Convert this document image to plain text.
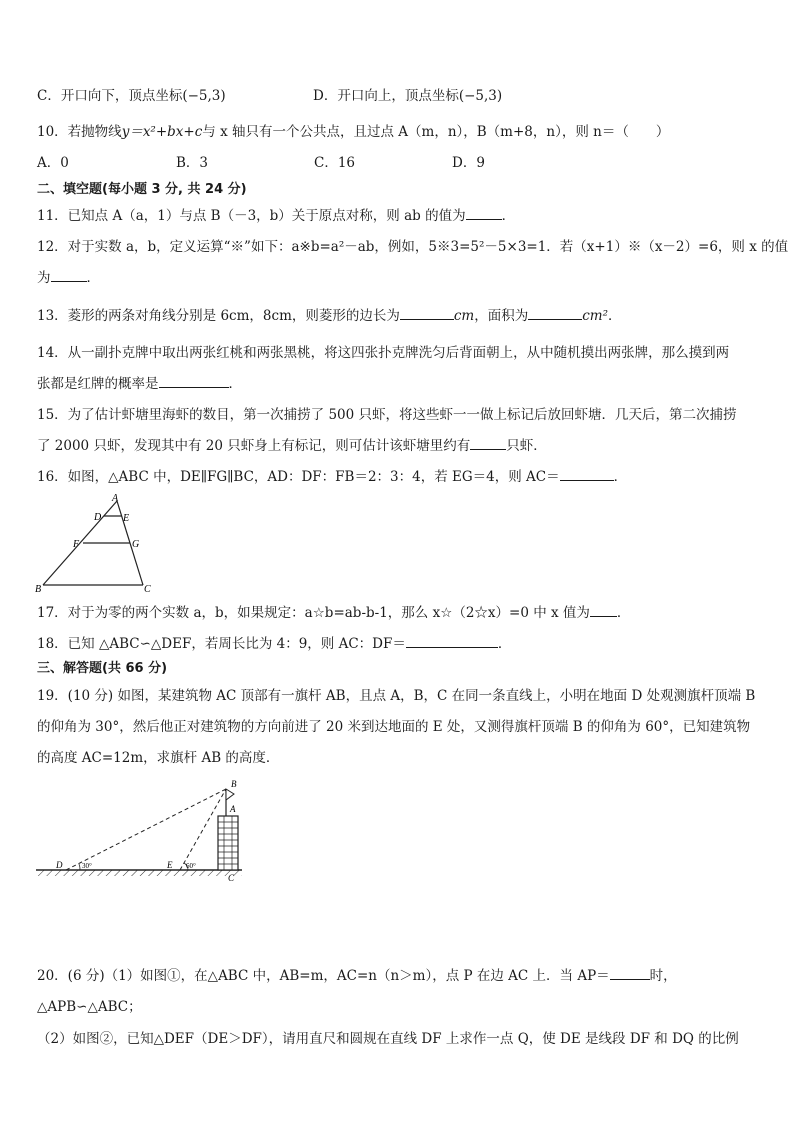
C．开口向下，顶点坐标(−5,3)	D．开口向上，顶点坐标(−5,3)
10．若抛物线y＝x²+bx+c与 x 轴只有一个公共点，且过点 A（m，n），B（m+8，n），则 n＝（　　）
A．0	B．3	C．16	D．9
二、填空题(每小题 3 分, 共 24 分)
11．已知点 A（a，1）与点 B（－3，b）关于原点对称，则 ab 的值为	．
12．对于实数 a，b，定义运算“※”如下：a※b=a²－ab，例如，5※3=5²－5×3=1．若（x+1）※（x－2）=6，则 x 的值
为	．
13．菱形的两条对角线分别是 6cm，8cm，则菱形的边长为	cm，面积为	cm²．
14．从一副扑克牌中取出两张红桃和两张黑桃，将这四张扑克牌洗匀后背面朝上，从中随机摸出两张牌，那么摸到两
张都是红牌的概率是	．
15．为了估计虾塘里海虾的数目，第一次捕捞了 500 只虾，将这些虾一一做上标记后放回虾塘．几天后，第二次捕捞
了 2000 只虾，发现其中有 20 只虾身上有标记，则可估计该虾塘里约有	只虾．
16．如图，△ABC 中，DE∥FG∥BC，AD：DF：FB＝2：3：4，若 EG＝4，则 AC＝	．
A
D E
F	G
B	C
17．对于为零的两个实数 a，b，如果规定：a☆b=ab-b-1，那么 x☆（2☆x）=0 中 x 值为 ．
18．已知 △ABC∽△DEF，若周长比为 4：9，则 AC：DF＝	．
三、解答题(共 66 分)
19．(10 分) 如图，某建筑物 AC 顶部有一旗杆 AB，且点 A，B，C 在同一条直线上，小明在地面 D 处观测旗杆顶端 B
的仰角为 30°，然后他正对建筑物的方向前进了 20 米到达地面的 E 处，又测得旗杆顶端 B 的仰角为 60°，已知建筑物
的高度 AC=12m，求旗杆 AB 的高度．
B
A
C
D	30°	E 60°
20．(6 分)（1）如图①，在△ABC 中，AB=m，AC=n（n＞m），点 P 在边 AC 上．当 AP＝	时，
△APB∽△ABC；
（2）如图②，已知△DEF（DE＞DF），请用直尺和圆规在直线 DF 上求作一点 Q，使 DE 是线段 DF 和 DQ 的比例
